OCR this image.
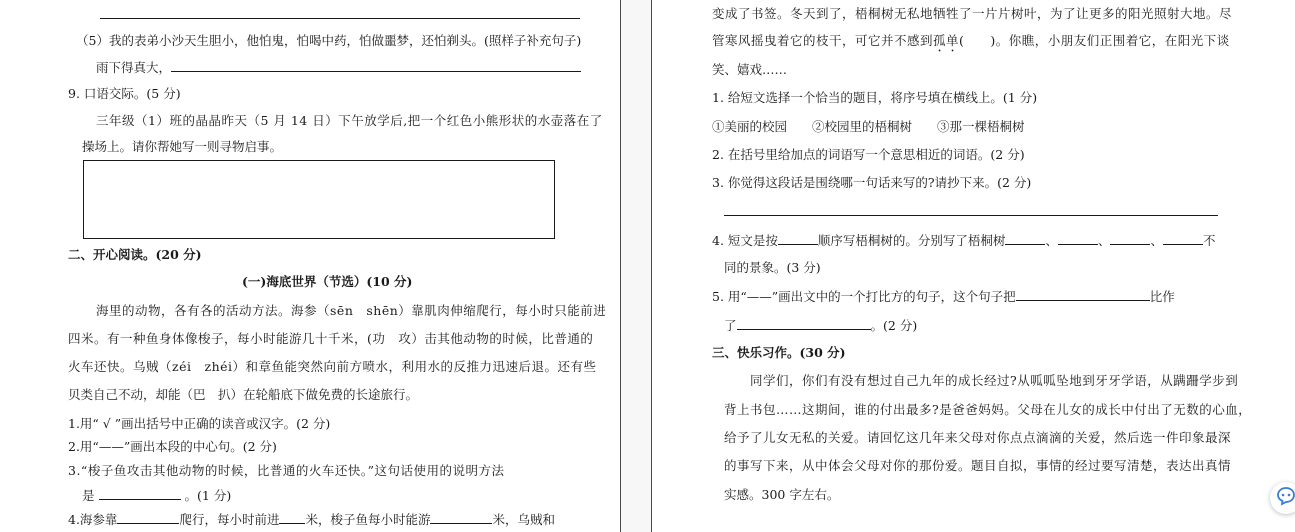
（5）我的表弟小沙天生胆小，他怕鬼，怕喝中药，怕做噩梦，还怕剃头。(照样子补充句子)
雨下得真大，
9. 口语交际。(5 分)
三年级（1）班的晶晶昨天（5 月 14 日）下午放学后,把一个红色小熊形状的水壶落在了
操场上。请你帮她写一则寻物启事。
二、开心阅读。(20 分)
(一)海底世界（节选）(10 分)
海里的动物，各有各的活动方法。海参（sēn　shēn）靠肌肉伸缩爬行，每小时只能前进
四米。有一种鱼身体像梭子，每小时能游几十千米，(功　攻）击其他动物的时候，比普通的
火车还快。乌贼（zéi　zhéi）和章鱼能突然向前方喷水，利用水的反推力迅速后退。还有些
贝类自己不动，却能（巴　扒）在轮船底下做免费的长途旅行。
1.用“ √ ”画出括号中正确的读音或汉字。(2 分)
2.用“——”画出本段的中心句。(2 分)
3.“梭子鱼攻击其他动物的时候，比普通的火车还快。”这句话使用的说明方法
是	。(1 分)
4.海参靠	爬行，每小时前进 米，梭子鱼每小时能游	米，乌贼和
变成了书签。冬天到了，梧桐树无私地牺牲了一片片树叶，为了让更多的阳光照射大地。尽
管寒风摇曳着它的枝干，可它并不感到孤单(　　)。你瞧，小朋友们正围着它，在阳光下谈
笑、嬉戏……
1. 给短文选择一个恰当的题目，将序号填在横线上。(1 分)
①美丽的校园　　②校园里的梧桐树　　③那一棵梧桐树
2. 在括号里给加点的词语写一个意思相近的词语。(2 分)
3. 你觉得这段话是围绕哪一句话来写的?请抄下来。(2 分)
4. 短文是按	顺序写梧桐树的。分别写了梧桐树	、	、	、	不
同的景象。(3 分)
5. 用“——”画出文中的一个打比方的句子，这个句子把	比作
了	。(2 分)
三、快乐习作。(30 分)
同学们，你们有没有想过自己九年的成长经过?从呱呱坠地到牙牙学语，从蹒跚学步到
背上书包……这期间，谁的付出最多?是爸爸妈妈。父母在儿女的成长中付出了无数的心血，
给予了儿女无私的关爱。请回忆这几年来父母对你点点滴滴的关爱，然后选一件印象最深
的事写下来，从中体会父母对你的那份爱。题目自拟，事情的经过要写清楚，表达出真情
实感。300 字左右。
